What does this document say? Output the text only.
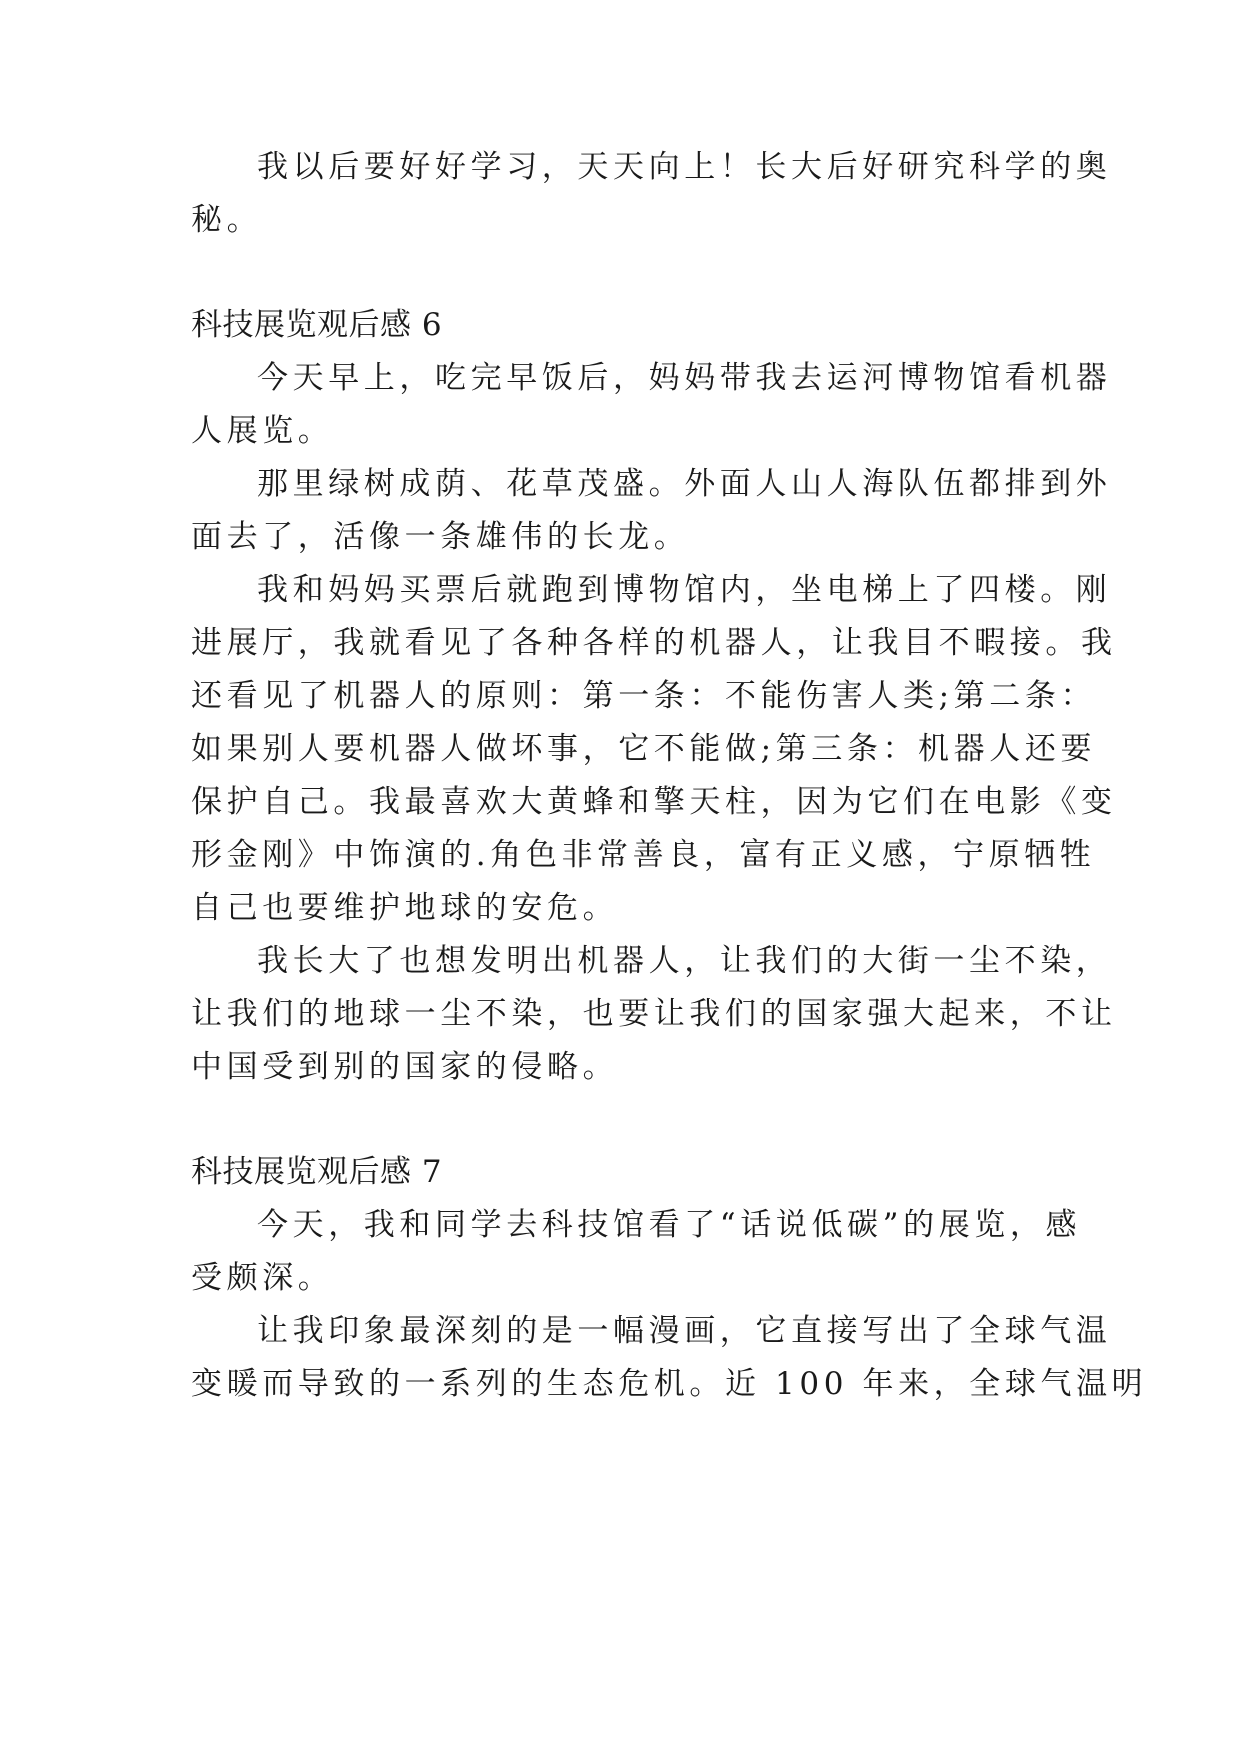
我以后要好好学习，天天向上！长大后好研究科学的奥
秘。
科技展览观后感 6
今天早上，吃完早饭后，妈妈带我去运河博物馆看机器
人展览。
那里绿树成荫、花草茂盛。外面人山人海队伍都排到外
面去了，活像一条雄伟的长龙。
我和妈妈买票后就跑到博物馆内，坐电梯上了四楼。刚
进展厅，我就看见了各种各样的机器人，让我目不暇接。我
还看见了机器人的原则：第一条：不能伤害人类;第二条：
如果别人要机器人做坏事，它不能做;第三条：机器人还要
保护自己。我最喜欢大黄蜂和擎天柱，因为它们在电影《变
形金刚》中饰演的.角色非常善良，富有正义感，宁原牺牲
自己也要维护地球的安危。
我长大了也想发明出机器人，让我们的大街一尘不染，
让我们的地球一尘不染，也要让我们的国家强大起来，不让
中国受到别的国家的侵略。
科技展览观后感 7
今天，我和同学去科技馆看了“话说低碳”的展览，感
受颇深。
让我印象最深刻的是一幅漫画，它直接写出了全球气温
变暖而导致的一系列的生态危机。近 100 年来，全球气温明
